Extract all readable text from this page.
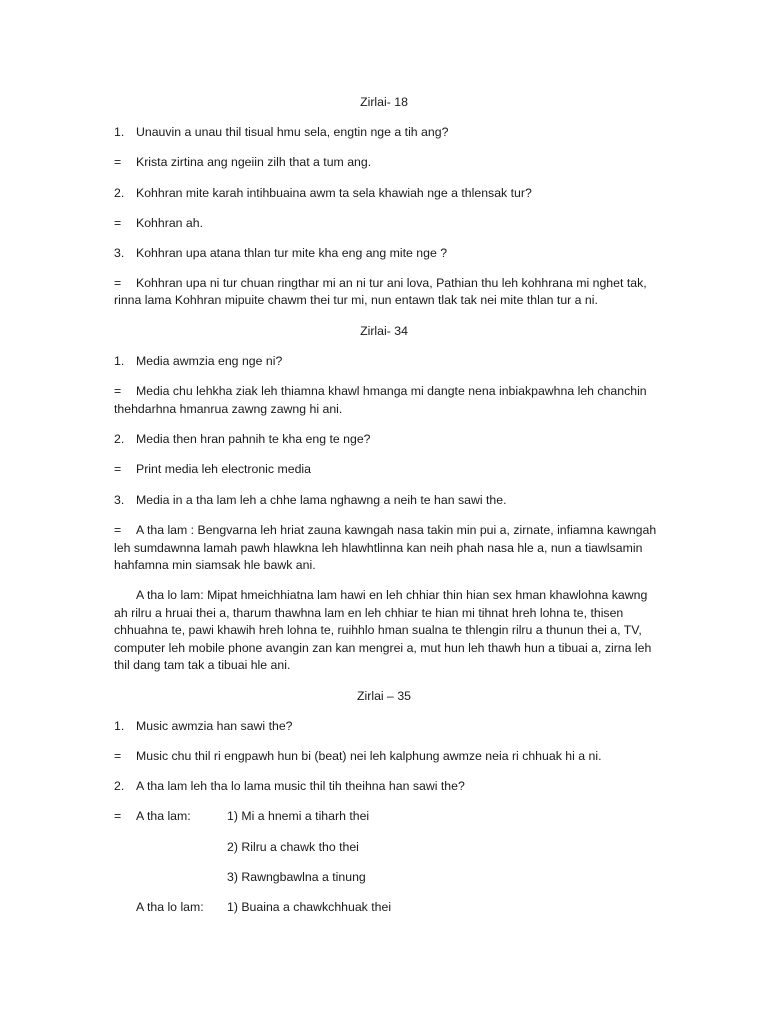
Zirlai- 18
1. Unauvin a unau thil tisual hmu sela, engtin nge a tih ang?
= Krista zirtina ang ngeiin zilh that a tum ang.
2. Kohhran mite karah intihbuaina awm ta sela khawiah nge a thlensak tur?
= Kohhran ah.
3. Kohhran upa atana thlan tur mite kha eng ang mite nge ?
= Kohhran upa ni tur chuan ringthar mi an ni tur ani lova, Pathian thu leh kohhrana mi nghet tak,
rinna lama Kohhran mipuite chawm thei tur mi, nun entawn tlak tak nei mite thlan tur a ni.
Zirlai- 34
1. Media awmzia eng nge ni?
= Media chu lehkha ziak leh thiamna khawl hmanga mi dangte nena inbiakpawhna leh chanchin
thehdarhna hmanrua zawng zawng hi ani.
2. Media then hran pahnih te kha eng te nge?
= Print media leh electronic media
3. Media in a tha lam leh a chhe lama nghawng a neih te han sawi the.
= A tha lam : Bengvarna leh hriat zauna kawngah nasa takin min pui a, zirnate, infiamna kawngah
leh sumdawnna lamah pawh hlawkna leh hlawhtlinna kan neih phah nasa hle a, nun a tiawlsamin
hahfamna min siamsak hle bawk ani.
A tha lo lam: Mipat hmeichhiatna lam hawi en leh chhiar thin hian sex hman khawlohna kawng
ah rilru a hruai thei a, tharum thawhna lam en leh chhiar te hian mi tihnat hreh lohna te, thisen
chhuahna te, pawi khawih hreh lohna te, ruihhlo hman sualna te thlengin rilru a thunun thei a, TV,
computer leh mobile phone avangin zan kan mengrei a, mut hun leh thawh hun a tibuai a, zirna leh
thil dang tam tak a tibuai hle ani.
Zirlai – 35
1. Music awmzia han sawi the?
= Music chu thil ri engpawh hun bi (beat) nei leh kalphung awmze neia ri chhuak hi a ni.
2. A tha lam leh tha lo lama music thil tih theihna han sawi the?
= A tha lam:	1) Mi a hnemi a tiharh thei
2) Rilru a chawk tho thei
3) Rawngbawlna a tinung
A tha lo lam: 1) Buaina a chawkchhuak thei
